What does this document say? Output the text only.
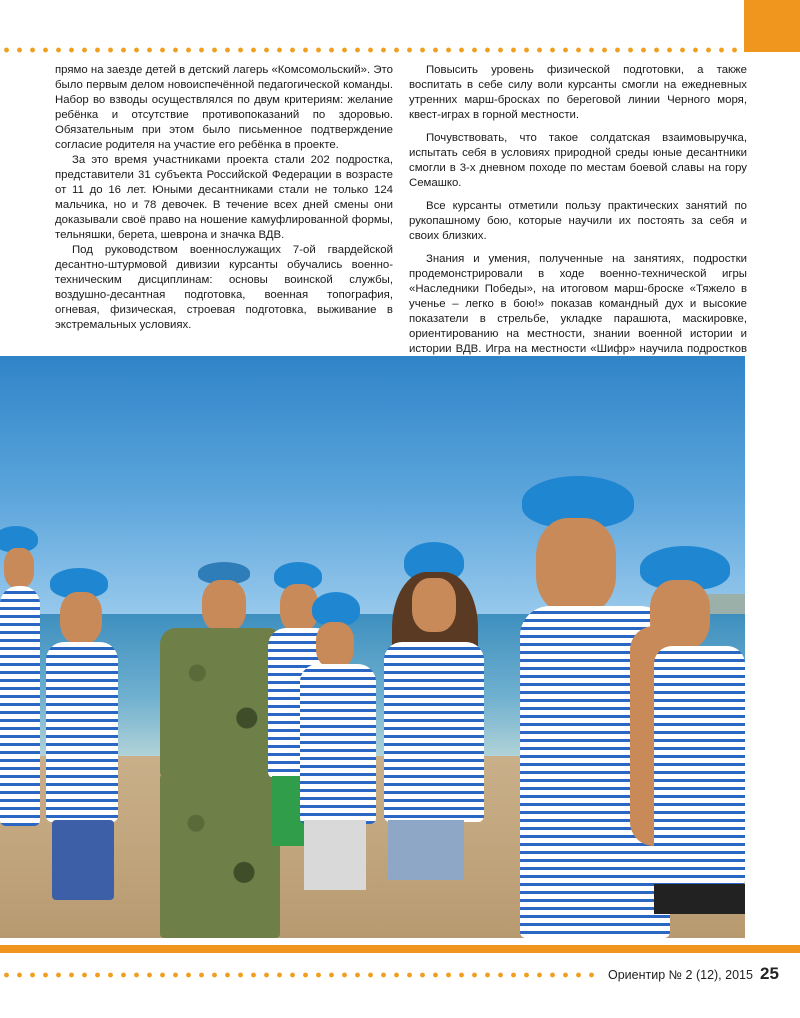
прямо на заезде детей в детский лагерь «Комсомольский». Это было первым делом новоиспечённой педагогической команды. Набор во взводы осуществлялся по двум критериям: желание ребёнка и отсутствие противопоказаний по здоровью. Обязательным при этом было письменное подтверждение согласие родителя на участие его ребёнка в проекте.

За это время участниками проекта стали 202 подростка, представители 31 субъекта Российской Федерации в возрасте от 11 до 16 лет. Юными десантниками стали не только 124 мальчика, но и 78 девочек. В течение всех дней смены они доказывали своё право на ношение камуфлированной формы, тельняшки, берета, шеврона и значка ВДВ.

Под руководством военнослужащих 7-ой гвардейской десантно-штурмовой дивизии курсанты обучались военно-техническим дисциплинам: основы воинской службы, воздушно-десантная подготовка, военная топография, огневая, физическая, строевая подготовка, выживание в экстремальных условиях.

Повысить уровень физической подготовки, а также воспитать в себе силу воли курсанты смогли на ежедневных утренних марш-бросках по береговой линии Черного моря, квест-играх в горной местности.

Почувствовать, что такое солдатская взаимовыручка, испытать себя в условиях природной среды юные десантники смогли в 3-х дневном походе по местам боевой славы на гору Семашко.

Все курсанты отметили пользу практических занятий по рукопашному бою, которые научили их постоять за себя и своих близких.

Знания и умения, полученные на занятиях, подростки продемонстрировали в ходе военно-технической игры «Наследники Победы», на итоговом марш-броске «Тяжело в ученье – легко в бою!» показав командный дух и высокие показатели в стрельбе, укладке парашюта, маскировке, ориентированию на местности, знании военной истории и истории ВДВ. Игра на местности «Шифр» научила подростков

Ориентир № 2 (12), 2015 25
